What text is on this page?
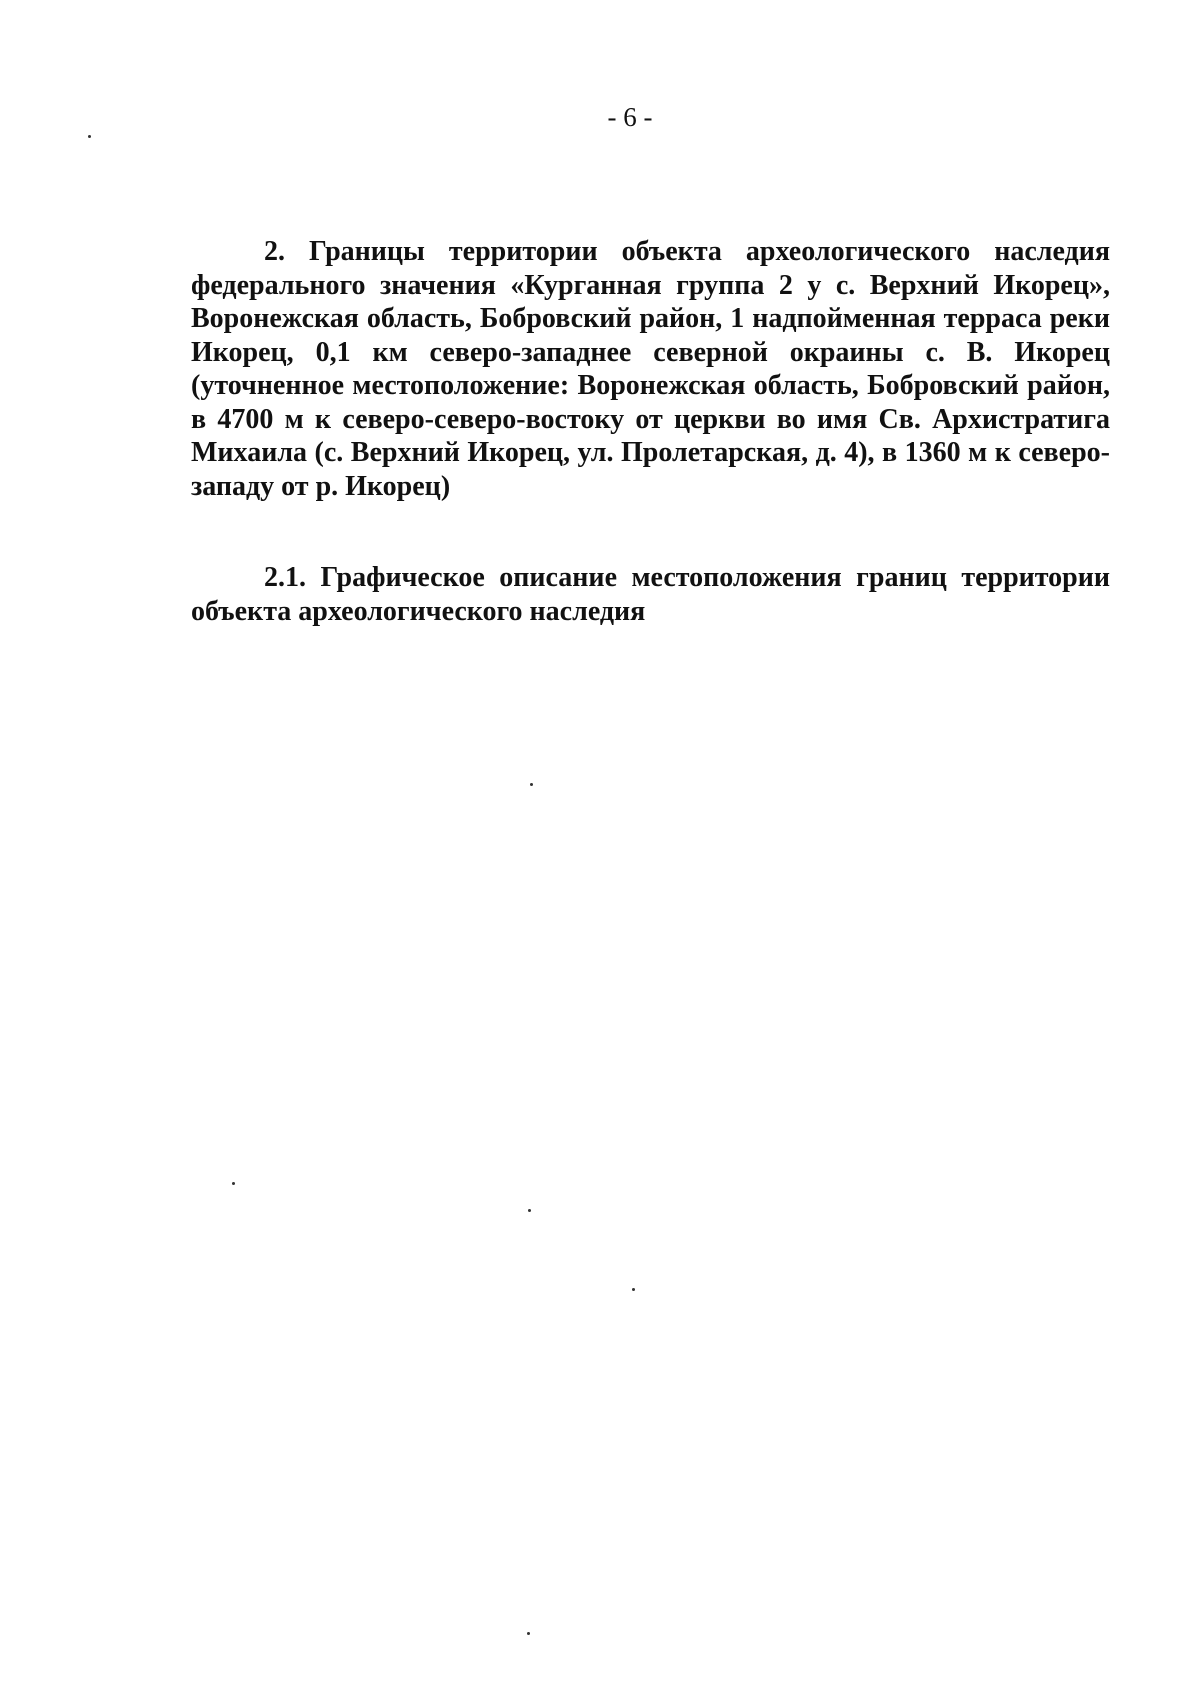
- 6 -

2. Границы территории объекта археологического наследия федерального значения «Курганная группа 2 у с. Верхний Икорец», Воронежская область, Бобровский район, 1 надпойменная терраса реки Икорец, 0,1 км северо-западнее северной окраины с. В. Икорец (уточненное местоположение: Воронежская область, Бобровский район, в 4700 м к северо-северо-востоку от церкви во имя Св. Архистратига Михаила (с. Верхний Икорец, ул. Пролетарская, д. 4), в 1360 м к северо-западу от р. Икорец)

2.1. Графическое описание местоположения границ территории объекта археологического наследия
